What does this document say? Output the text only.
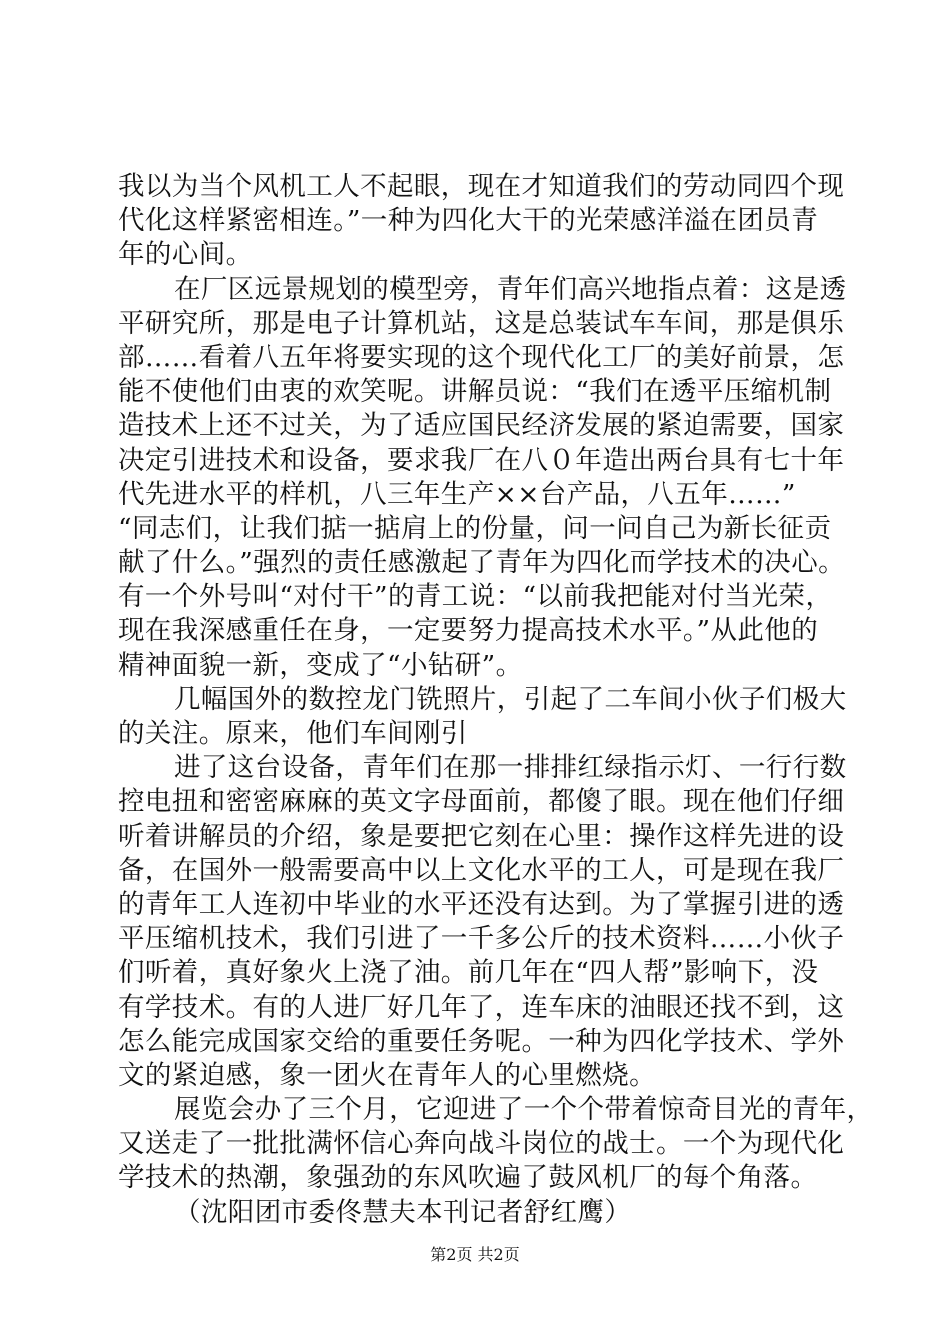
我以为当个风机工人不起眼，现在才知道我们的劳动同四个现
代化这样紧密相连。”一种为四化大干的光荣感洋溢在团员青
年的心间。
在厂区远景规划的模型旁，青年们高兴地指点着：这是透
平研究所，那是电子计算机站，这是总装试车车间，那是俱乐
部……看着八五年将要实现的这个现代化工厂的美好前景，怎
能不使他们由衷的欢笑呢。讲解员说：“我们在透平压缩机制
造技术上还不过关，为了适应国民经济发展的紧迫需要，国家
决定引进技术和设备，要求我厂在八０年造出两台具有七十年
代先进水平的样机，八三年生产××台产品，八五年……”
“同志们，让我们掂一掂肩上的份量，问一问自己为新长征贡
献了什么。”强烈的责任感激起了青年为四化而学技术的决心。
有一个外号叫“对付干”的青工说：“以前我把能对付当光荣，
现在我深感重任在身，一定要努力提高技术水平。”从此他的
精神面貌一新，变成了“小钻研”。
几幅国外的数控龙门铣照片，引起了二车间小伙子们极大
的关注。原来，他们车间刚引
进了这台设备，青年们在那一排排红绿指示灯、一行行数
控电扭和密密麻麻的英文字母面前，都傻了眼。现在他们仔细
听着讲解员的介绍，象是要把它刻在心里：操作这样先进的设
备，在国外一般需要高中以上文化水平的工人，可是现在我厂
的青年工人连初中毕业的水平还没有达到。为了掌握引进的透
平压缩机技术，我们引进了一千多公斤的技术资料……小伙子
们听着，真好象火上浇了油。前几年在“四人帮”影响下，没
有学技术。有的人进厂好几年了，连车床的油眼还找不到，这
怎么能完成国家交给的重要任务呢。一种为四化学技术、学外
文的紧迫感，象一团火在青年人的心里燃烧。
展览会办了三个月，它迎进了一个个带着惊奇目光的青年，
又送走了一批批满怀信心奔向战斗岗位的战士。一个为现代化
学技术的热潮，象强劲的东风吹遍了鼓风机厂的每个角落。
（沈阳团市委佟慧夫本刊记者舒红鹰）
第2页 共2页
